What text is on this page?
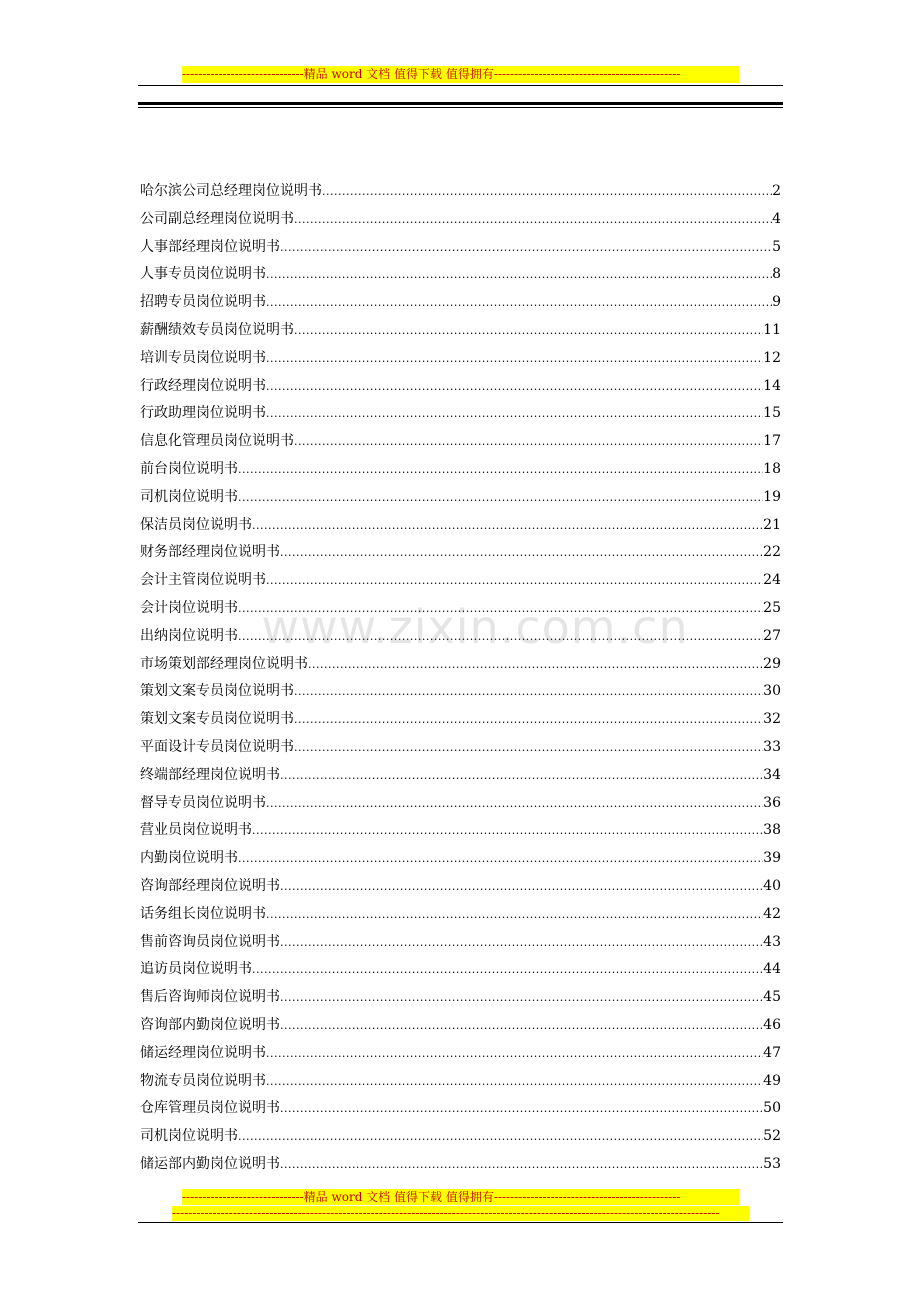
------------------------------精品 word 文档 值得下载 值得拥有----------------------------------------------
www.zixin.com.cn
哈尔滨公司总经理岗位说明书 .....	2
公司副总经理岗位说明书 .....	4
人事部经理岗位说明书 .....	5
人事专员岗位说明书 .....	8
招聘专员岗位说明书 .....	9
薪酬绩效专员岗位说明书 .....	11
培训专员岗位说明书 .....	12
行政经理岗位说明书 .....	14
行政助理岗位说明书 .....	15
信息化管理员岗位说明书 .....	17
前台岗位说明书 .....	18
司机岗位说明书 .....	19
保洁员岗位说明书 .....	21
财务部经理岗位说明书 .....	22
会计主管岗位说明书 .....	24
会计岗位说明书 .....	25
出纳岗位说明书 .....	27
市场策划部经理岗位说明书 .....	29
策划文案专员岗位说明书 .....	30
策划文案专员岗位说明书 .....	32
平面设计专员岗位说明书 .....	33
终端部经理岗位说明书 .....	34
督导专员岗位说明书 .....	36
营业员岗位说明书 .....	38
内勤岗位说明书 .....	39
咨询部经理岗位说明书 .....	40
话务组长岗位说明书 .....	42
售前咨询员岗位说明书 .....	43
追访员岗位说明书 .....	44
售后咨询师岗位说明书 .....	45
咨询部内勤岗位说明书 .....	46
储运经理岗位说明书 .....	47
物流专员岗位说明书 .....	49
仓库管理员岗位说明书 .....	50
司机岗位说明书 .....	52
储运部内勤岗位说明书 .....	53
------------------------------精品 word 文档 值得下载 值得拥有----------------------------------------------
---------------------------------------------------------------------------------------------------------------------------------------
